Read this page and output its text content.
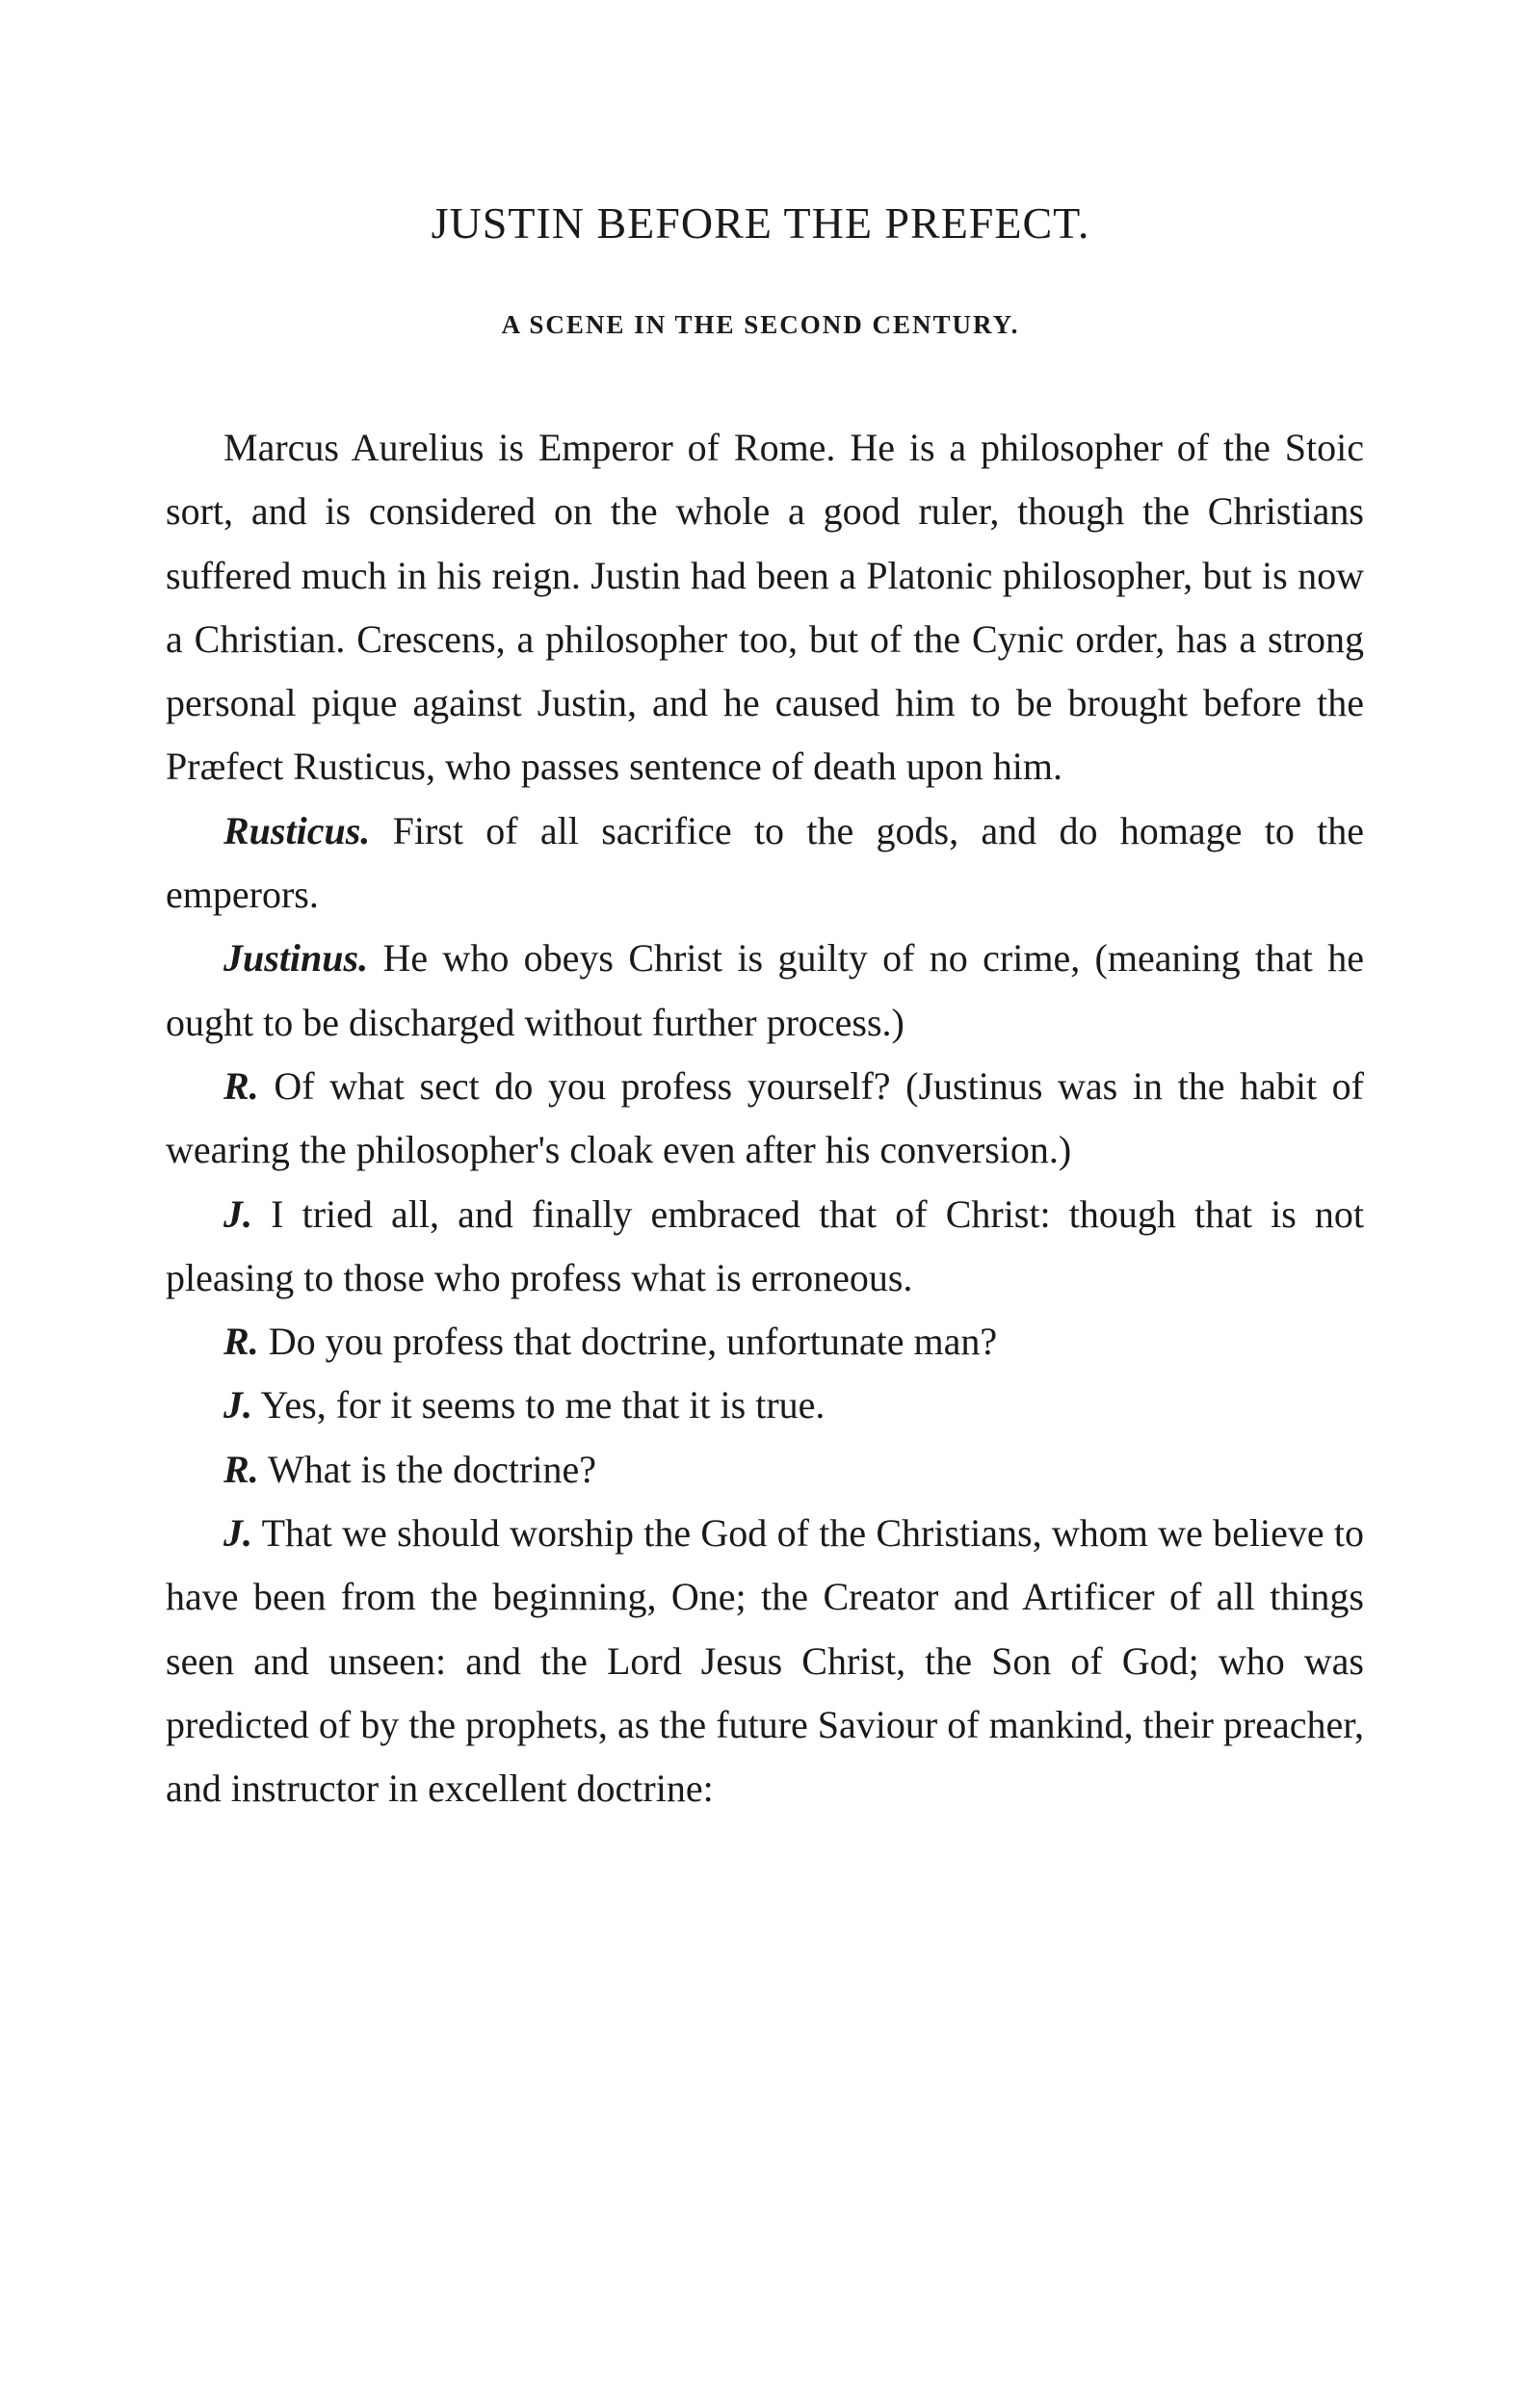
JUSTIN BEFORE THE PREFECT.
A SCENE IN THE SECOND CENTURY.

Marcus Aurelius is Emperor of Rome. He is a philosopher of the Stoic sort, and is considered on the whole a good ruler, though the Christians suffered much in his reign. Justin had been a Platonic philosopher, but is now a Christian. Crescens, a philosopher too, but of the Cynic order, has a strong personal pique against Justin, and he caused him to be brought before the Præfect Rusticus, who passes sentence of death upon him.

Rusticus. First of all sacrifice to the gods, and do homage to the emperors.

Justinus. He who obeys Christ is guilty of no crime, (meaning that he ought to be discharged without further process.)

R. Of what sect do you profess yourself? (Justinus was in the habit of wearing the philosopher's cloak even after his conversion.)

J. I tried all, and finally embraced that of Christ: though that is not pleasing to those who profess what is erroneous.

R. Do you profess that doctrine, unfortunate man?

J. Yes, for it seems to me that it is true.

R. What is the doctrine?

J. That we should worship the God of the Christians, whom we believe to have been from the beginning, One; the Creator and Artificer of all things seen and unseen: and the Lord Jesus Christ, the Son of God; who was predicted of by the prophets, as the future Saviour of mankind, their preacher, and instructor in excellent doctrine:
